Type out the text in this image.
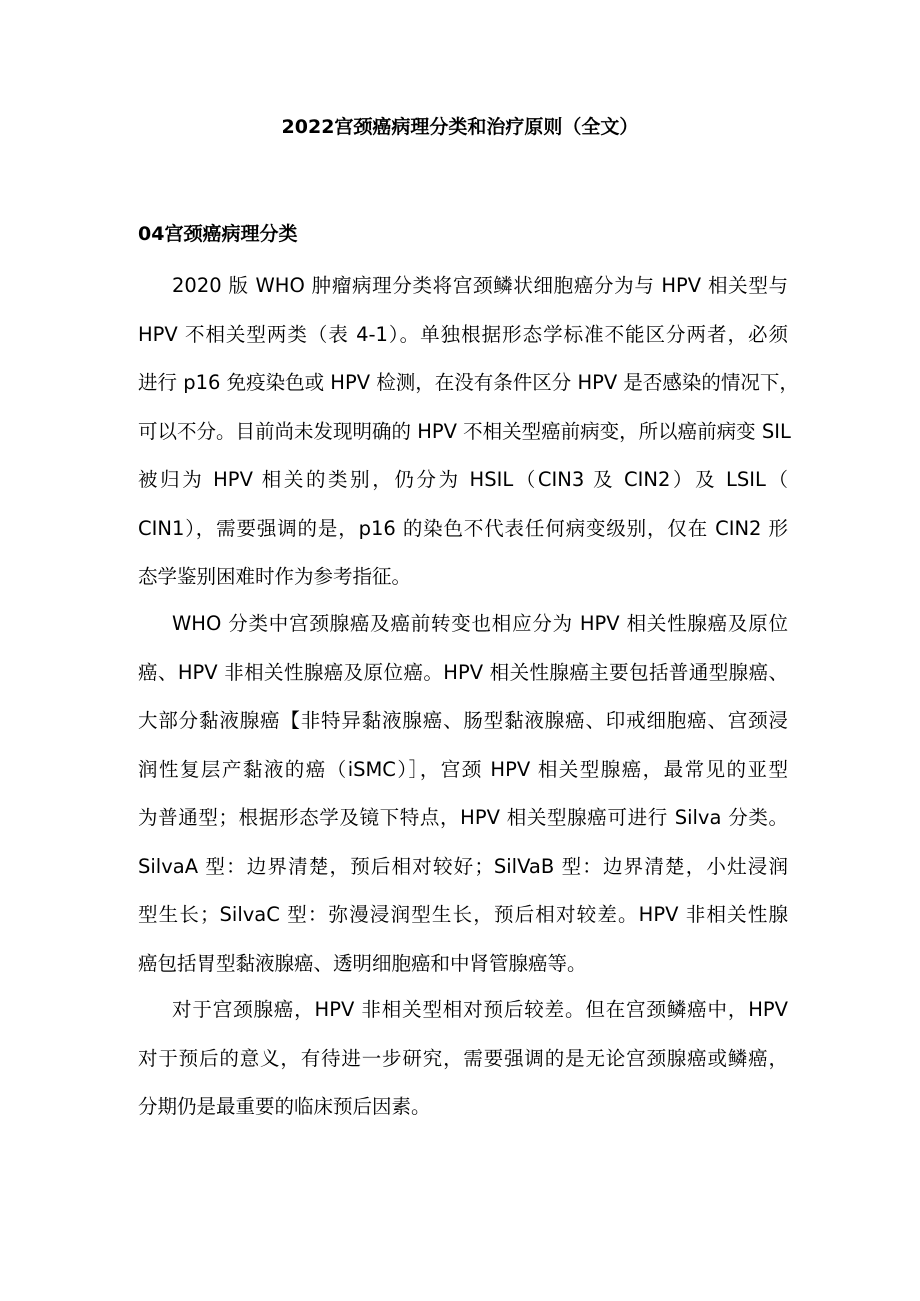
2022宫颈癌病理分类和治疗原则（全文）
04宫颈癌病理分类
2020 版 WHO 肿瘤病理分类将宫颈鳞状细胞癌分为与 HPV 相关型与
HPV 不相关型两类（表 4-1）。单独根据形态学标准不能区分两者，必须
进行 p16 免疫染色或 HPV 检测，在没有条件区分 HPV 是否感染的情况下，
可以不分。目前尚未发现明确的 HPV 不相关型癌前病变，所以癌前病变 SIL
被归为 HPV 相关的类别，仍分为 HSIL（CIN3 及 CIN2）及 LSIL（
CIN1），需要强调的是，p16 的染色不代表任何病变级别，仅在 CIN2 形
态学鉴别困难时作为参考指征。
WHO 分类中宫颈腺癌及癌前转变也相应分为 HPV 相关性腺癌及原位
癌、HPV 非相关性腺癌及原位癌。HPV 相关性腺癌主要包括普通型腺癌、
大部分黏液腺癌【非特异黏液腺癌、肠型黏液腺癌、印戒细胞癌、宫颈浸
润性复层产黏液的癌（iSMC）］，宫颈 HPV 相关型腺癌，最常见的亚型
为普通型；根据形态学及镜下特点，HPV 相关型腺癌可进行 Silva 分类。
SilvaA 型：边界清楚，预后相对较好；SilVaB 型：边界清楚，小灶浸润
型生长；SilvaC 型：弥漫浸润型生长，预后相对较差。HPV 非相关性腺
癌包括胃型黏液腺癌、透明细胞癌和中肾管腺癌等。
对于宫颈腺癌，HPV 非相关型相对预后较差。但在宫颈鳞癌中，HPV
对于预后的意义，有待进一步研究，需要强调的是无论宫颈腺癌或鳞癌，
分期仍是最重要的临床预后因素。
